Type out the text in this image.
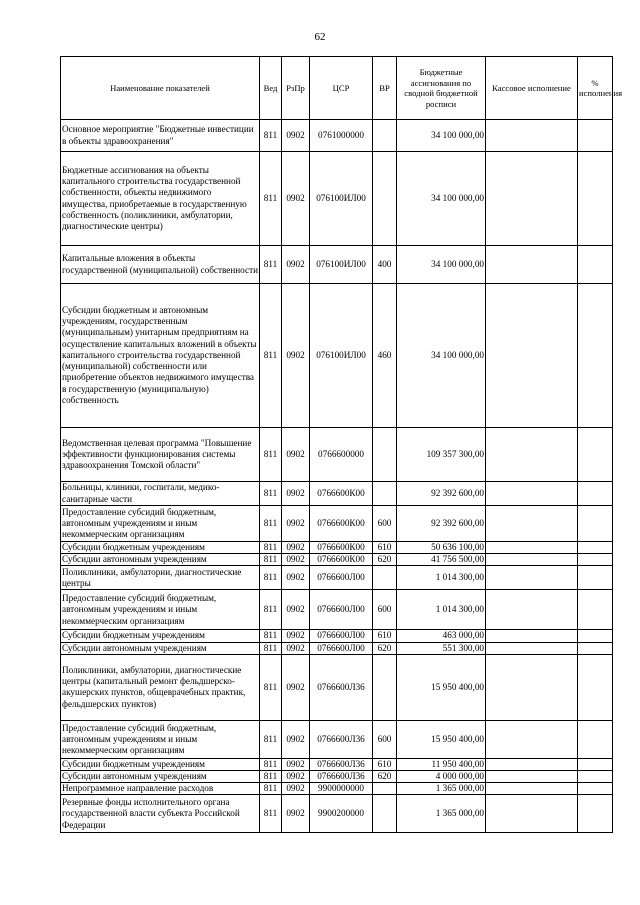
62
Наименование показателей	Вед	РзПр	ЦСР	ВР	Бюджетные ассигнования по сводной бюджетной росписи	Кассовое исполнение	% исполнения
Основное мероприятие "Бюджетные инвестиции в объекты здравоохранения"	811	0902	0761000000		34 100 000,00		
Бюджетные ассигнования на объекты капитального строительства государственной собственности, объекты недвижимого имущества, приобретаемые в государственную собственность (поликлиники, амбулатории, диагностические центры)	811	0902	076100ИЛ00		34 100 000,00		
Капитальные вложения в объекты государственной (муниципальной) собственности	811	0902	076100ИЛ00	400	34 100 000,00		
Субсидии бюджетным и автономным учреждениям, государственным (муниципальным) унитарным предприятиям на осуществление капитальных вложений в объекты капитального строительства государственной (муниципальной) собственности или приобретение объектов недвижимого имущества в государственную (муниципальную) собственность	811	0902	076100ИЛ00	460	34 100 000,00		
Ведомственная целевая программа "Повышение эффективности функционирования системы здравоохранения Томской области"	811	0902	0766600000		109 357 300,00		
Больницы, клиники, госпитали, медико-санитарные части	811	0902	0766600К00		92 392 600,00		
Предоставление субсидий бюджетным, автономным учреждениям и иным некоммерческим организациям	811	0902	0766600К00	600	92 392 600,00		
Субсидии бюджетным учреждениям	811	0902	0766600К00	610	50 636 100,00		
Субсидии автономным учреждениям	811	0902	0766600К00	620	41 756 500,00		
Поликлиники, амбулатории, диагностические центры	811	0902	0766600Л00		1 014 300,00		
Предоставление субсидий бюджетным, автономным учреждениям и иным некоммерческим организациям	811	0902	0766600Л00	600	1 014 300,00		
Субсидии бюджетным учреждениям	811	0902	0766600Л00	610	463 000,00		
Субсидии автономным учреждениям	811	0902	0766600Л00	620	551 300,00		
Поликлиники, амбулатории, диагностические центры (капитальный ремонт фельдшерско-акушерских пунктов, общеврачебных практик, фельдшерских пунктов)	811	0902	0766600Л36		15 950 400,00		
Предоставление субсидий бюджетным, автономным учреждениям и иным некоммерческим организациям	811	0902	0766600Л36	600	15 950 400,00		
Субсидии бюджетным учреждениям	811	0902	0766600Л36	610	11 950 400,00		
Субсидии автономным учреждениям	811	0902	0766600Л36	620	4 000 000,00		
Непрограммное направление расходов	811	0902	9900000000		1 365 000,00		
Резервные фонды исполнительного органа государственной власти субъекта Российской Федерации	811	0902	9900200000		1 365 000,00		
